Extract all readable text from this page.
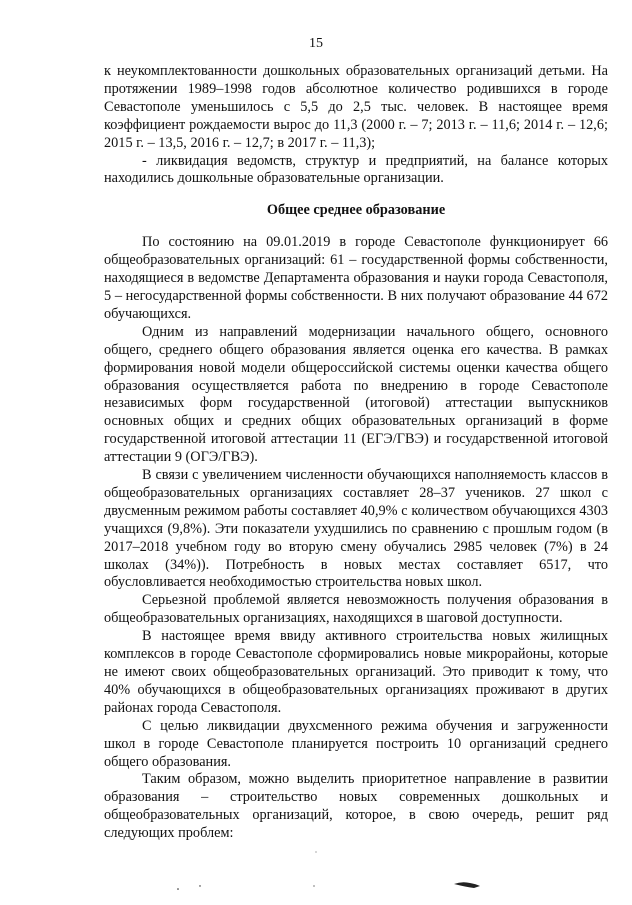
15

к неукомплектованности дошкольных образовательных организаций детьми. На протяжении 1989–1998 годов абсолютное количество родившихся в городе Севастополе уменьшилось с 5,5 до 2,5 тыс. человек. В настоящее время коэффициент рождаемости вырос до 11,3 (2000 г. – 7; 2013 г. – 11,6; 2014 г. – 12,6; 2015 г. – 13,5, 2016 г. – 12,7; в 2017 г. – 11,3);

- ликвидация ведомств, структур и предприятий, на балансе которых находились дошкольные образовательные организации.

Общее среднее образование

По состоянию на 09.01.2019 в городе Севастополе функционирует 66 общеобразовательных организаций: 61 – государственной формы собственности, находящиеся в ведомстве Департамента образования и науки города Севастополя, 5 – негосударственной формы собственности. В них получают образование 44 672 обучающихся.

Одним из направлений модернизации начального общего, основного общего, среднего общего образования является оценка его качества. В рамках формирования новой модели общероссийской системы оценки качества общего образования осуществляется работа по внедрению в городе Севастополе независимых форм государственной (итоговой) аттестации выпускников основных общих и средних общих образовательных организаций в форме государственной итоговой аттестации 11 (ЕГЭ/ГВЭ) и государственной итоговой аттестации 9 (ОГЭ/ГВЭ).

В связи с увеличением численности обучающихся наполняемость классов в общеобразовательных организациях составляет 28–37 учеников. 27 школ с двусменным режимом работы составляет 40,9% с количеством обучающихся 4303 учащихся (9,8%). Эти показатели ухудшились по сравнению с прошлым годом (в 2017–2018 учебном году во вторую смену обучались 2985 человек (7%) в 24 школах (34%)). Потребность в новых местах составляет 6517, что обусловливается необходимостью строительства новых школ.

Серьезной проблемой является невозможность получения образования в общеобразовательных организациях, находящихся в шаговой доступности.

В настоящее время ввиду активного строительства новых жилищных комплексов в городе Севастополе сформировались новые микрорайоны, которые не имеют своих общеобразовательных организаций. Это приводит к тому, что 40% обучающихся в общеобразовательных организациях проживают в других районах города Севастополя.

С целью ликвидации двухсменного режима обучения и загруженности школ в городе Севастополе планируется построить 10 организаций среднего общего образования.

Таким образом, можно выделить приоритетное направление в развитии образования – строительство новых современных дошкольных и общеобразовательных организаций, которое, в свою очередь, решит ряд следующих проблем:
